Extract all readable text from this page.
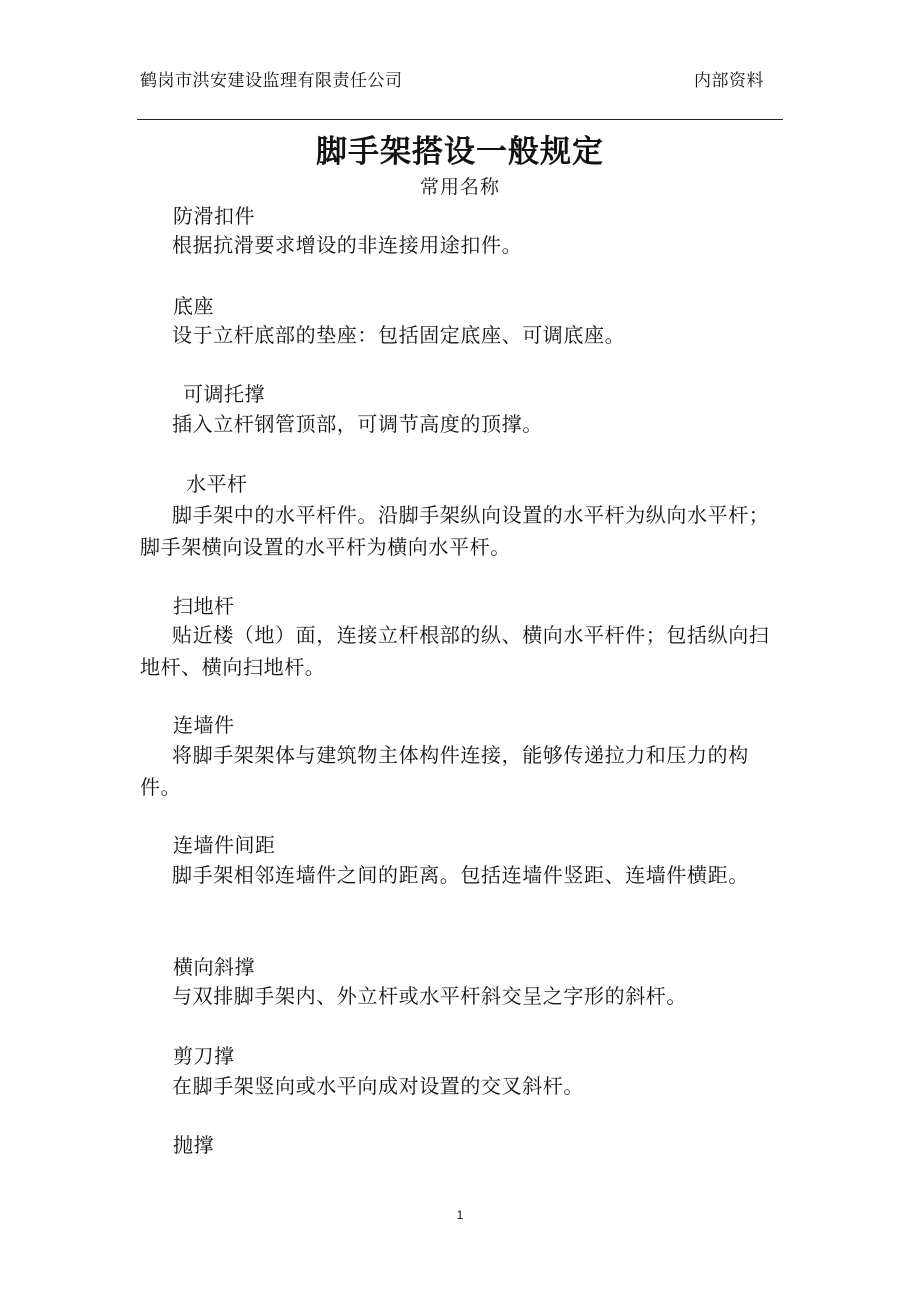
鹤岗市洪安建设监理有限责任公司	内部资料
脚手架搭设一般规定
常用名称
防滑扣件
根据抗滑要求增设的非连接用途扣件。
底座
设于立杆底部的垫座：包括固定底座、可调底座。
可调托撑
插入立杆钢管顶部，可调节高度的顶撑。
水平杆
脚手架中的水平杆件。沿脚手架纵向设置的水平杆为纵向水平杆；脚手架横向设置的水平杆为横向水平杆。
扫地杆
贴近楼（地）面，连接立杆根部的纵、横向水平杆件；包括纵向扫地杆、横向扫地杆。
连墙件
将脚手架架体与建筑物主体构件连接，能够传递拉力和压力的构件。
连墙件间距
脚手架相邻连墙件之间的距离。包括连墙件竖距、连墙件横距。
横向斜撑
与双排脚手架内、外立杆或水平杆斜交呈之字形的斜杆。
剪刀撑
在脚手架竖向或水平向成对设置的交叉斜杆。
抛撑
1
